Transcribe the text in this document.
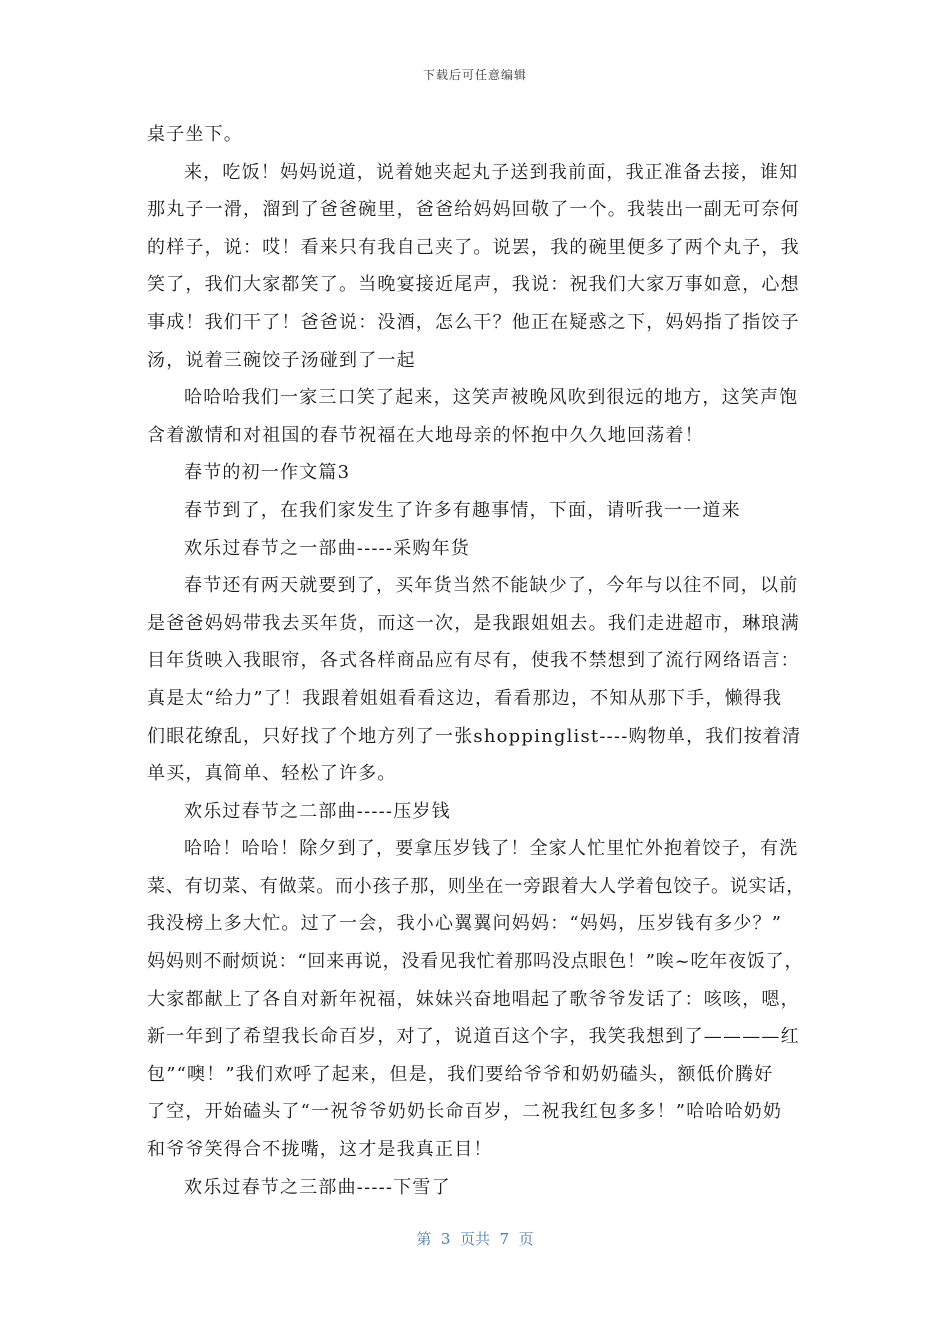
下载后可任意编辑
桌子坐下。
来，吃饭！妈妈说道，说着她夹起丸子送到我前面，我正准备去接，谁知
那丸子一滑，溜到了爸爸碗里，爸爸给妈妈回敬了一个。我装出一副无可奈何
的样子，说：哎！看来只有我自己夹了。说罢，我的碗里便多了两个丸子，我
笑了，我们大家都笑了。当晚宴接近尾声，我说：祝我们大家万事如意，心想
事成！我们干了！爸爸说：没酒，怎么干？他正在疑惑之下，妈妈指了指饺子
汤，说着三碗饺子汤碰到了一起
哈哈哈我们一家三口笑了起来，这笑声被晚风吹到很远的地方，这笑声饱
含着激情和对祖国的春节祝福在大地母亲的怀抱中久久地回荡着！
春节的初一作文篇3
春节到了，在我们家发生了许多有趣事情，下面，请听我一一道来
欢乐过春节之一部曲-----采购年货
春节还有两天就要到了，买年货当然不能缺少了，今年与以往不同，以前
是爸爸妈妈带我去买年货，而这一次，是我跟姐姐去。我们走进超市，琳琅满
目年货映入我眼帘，各式各样商品应有尽有，使我不禁想到了流行网络语言：
真是太“给力”了！我跟着姐姐看看这边，看看那边，不知从那下手，懒得我
们眼花缭乱，只好找了个地方列了一张shoppinglist----购物单，我们按着清
单买，真简单、轻松了许多。
欢乐过春节之二部曲-----压岁钱
哈哈！哈哈！除夕到了，要拿压岁钱了！全家人忙里忙外抱着饺子，有洗
菜、有切菜、有做菜。而小孩子那，则坐在一旁跟着大人学着包饺子。说实话，
我没榜上多大忙。过了一会，我小心翼翼问妈妈：“妈妈，压岁钱有多少？”
妈妈则不耐烦说：“回来再说，没看见我忙着那吗没点眼色！”唉~吃年夜饭了，
大家都献上了各自对新年祝福，妹妹兴奋地唱起了歌爷爷发话了：咳咳，嗯，
新一年到了希望我长命百岁，对了，说道百这个字，我笑我想到了————红
包”“噢！”我们欢呼了起来，但是，我们要给爷爷和奶奶磕头，额低价腾好
了空，开始磕头了“一祝爷爷奶奶长命百岁，二祝我红包多多！”哈哈哈奶奶
和爷爷笑得合不拢嘴，这才是我真正目！
欢乐过春节之三部曲-----下雪了
第  3  页共  7  页
